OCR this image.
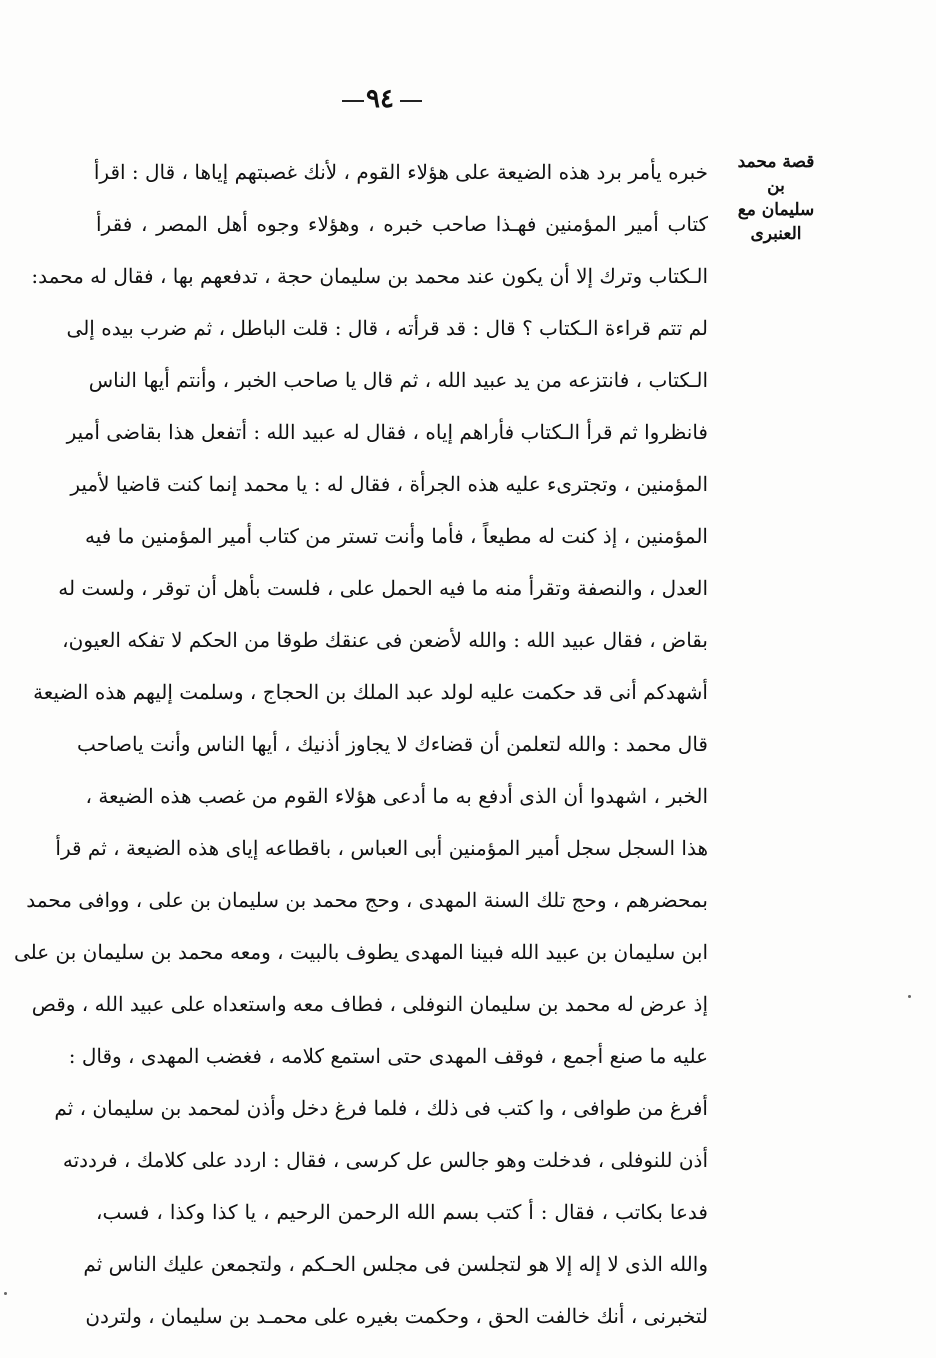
٩٤
قصة محمد بن
سليمان مع
العنبرى
خبره يأمر برد هذه الضيعة على هؤلاء القوم ، لأنك غصبتهم إياها ، قال : اقرأ
كتاب أمير المؤمنين فهـذا صاحب خبره ، وهؤلاء وجوه أهل المصر ، فقرأ
الـكتاب وترك إلا أن يكون عند محمد بن سليمان حجة ، تدفعهم بها ، فقال له محمد:
لم تتم قراءة الـكتاب ؟ قال : قد قرأته ، قال : قلت الباطل ، ثم ضرب بيده إلى
الـكتاب ، فانتزعه من يد عبيد الله ، ثم قال يا صاحب الخبر ، وأنتم أيها الناس
فانظروا ثم قرأ الـكتاب فأراهم إياه ، فقال له عبيد الله : أتفعل هذا بقاضى أمير
المؤمنين ، وتجترىء عليه هذه الجرأة ، فقال له : يا محمد إنما كنت قاضيا لأمير
المؤمنين ، إذ كنت له مطيعاً ، فأما وأنت تستر من كتاب أمير المؤمنين ما فيه
العدل ، والنصفة وتقرأ منه ما فيه الحمل على ، فلست بأهل أن توقر ، ولست له
بقاض ، فقال عبيد الله : والله لأضعن فى عنقك طوقا من الحكم لا تفكه العيون،
أشهدكم أنى قد حكمت عليه لولد عبد الملك بن الحجاج ، وسلمت إليهم هذه الضيعة
قال محمد : والله لتعلمن أن قضاءك لا يجاوز أذنيك ، أيها الناس وأنت ياصاحب
الخبر ، اشهدوا أن الذى أدفع به ما أدعى هؤلاء القوم من غصب هذه الضيعة ،
هذا السجل سجل أمير المؤمنين أبى العباس ، باقطاعه إياى هذه الضيعة ، ثم قرأ
بمحضرهم ، وحج تلك السنة المهدى ، وحج محمد بن سليمان بن على ، ووافى محمد
ابن سليمان بن عبيد الله فبينا المهدى يطوف بالبيت ، ومعه محمد بن سليمان بن على
إذ عرض له محمد بن سليمان النوفلى ، فطاف معه واستعداه على عبيد الله ، وقص
عليه ما صنع أجمع ، فوقف المهدى حتى استمع كلامه ، فغضب المهدى ، وقال :
أفرغ من طوافى ، وا كتب فى ذلك ، فلما فرغ دخل وأذن لمحمد بن سليمان ، ثم
أذن للنوفلى ، فدخلت وهو جالس عل كرسى ، فقال : اردد على كلامك ، فرددته
فدعا بكاتب ، فقال : أ كتب بسم الله الرحمن الرحيم ، يا كذا وكذا ، فسب،
والله الذى لا إله إلا هو لتجلسن فى مجلس الحـكم ، ولتجمعن عليك الناس ثم
لتخبرنى ، أنك خالفت الحق ، وحكمت بغيره على محمـد بن سليمان ، ولتردن
